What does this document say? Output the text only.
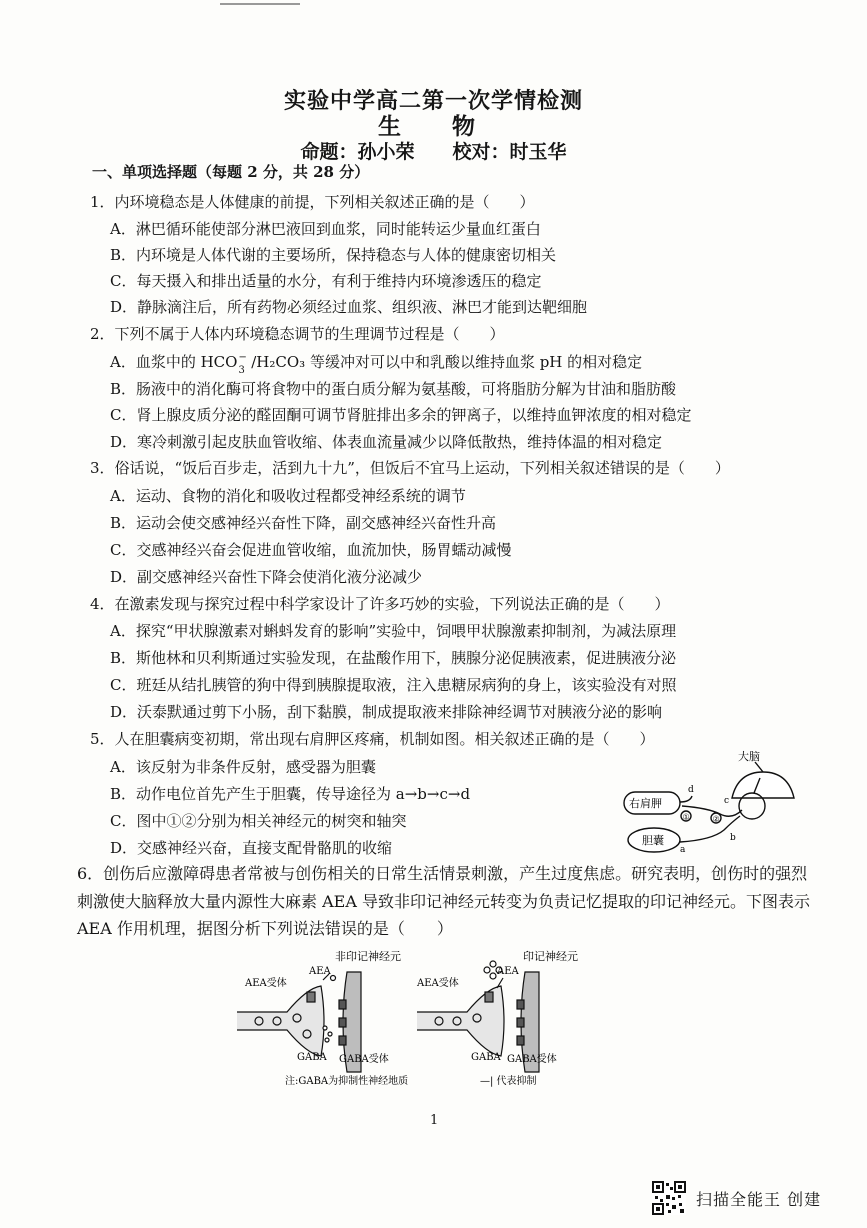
实验中学高二第一次学情检测
生　物
命题：孙小荣　　校对：时玉华
一、单项选择题（每题 2 分，共 28 分）
1．内环境稳态是人体健康的前提，下列相关叙述正确的是（　　）
A．淋巴循环能使部分淋巴液回到血浆，同时能转运少量血红蛋白
B．内环境是人体代谢的主要场所，保持稳态与人体的健康密切相关
C．每天摄入和排出适量的水分，有利于维持内环境渗透压的稳定
D．静脉滴注后，所有药物必须经过血浆、组织液、淋巴才能到达靶细胞
2．下列不属于人体内环境稳态调节的生理调节过程是（　　）
A．血浆中的 HCO −
3 /H₂CO₃ 等缓冲对可以中和乳酸以维持血浆 pH 的相对稳定
B．肠液中的消化酶可将食物中的蛋白质分解为氨基酸，可将脂肪分解为甘油和脂肪酸
C．肾上腺皮质分泌的醛固酮可调节肾脏排出多余的钾离子，以维持血钾浓度的相对稳定
D．寒冷刺激引起皮肤血管收缩、体表血流量减少以降低散热，维持体温的相对稳定
3．俗话说，“饭后百步走，活到九十九”，但饭后不宜马上运动，下列相关叙述错误的是（　　）
A．运动、食物的消化和吸收过程都受神经系统的调节
B．运动会使交感神经兴奋性下降，副交感神经兴奋性升高
C．交感神经兴奋会促进血管收缩，血流加快，肠胃蠕动减慢
D．副交感神经兴奋性下降会使消化液分泌减少
4．在激素发现与探究过程中科学家设计了许多巧妙的实验，下列说法正确的是（　　）
A．探究“甲状腺激素对蝌蚪发育的影响”实验中，饲喂甲状腺激素抑制剂，为减法原理
B．斯他林和贝利斯通过实验发现，在盐酸作用下，胰腺分泌促胰液素，促进胰液分泌
C．班廷从结扎胰管的狗中得到胰腺提取液，注入患糖尿病狗的身上，该实验没有对照
D．沃泰默通过剪下小肠，刮下黏膜，制成提取液来排除神经调节对胰液分泌的影响
5．人在胆囊病变初期，常出现右肩胛区疼痛，机制如图。相关叙述正确的是（　　）
A．该反射为非条件反射，感受器为胆囊
B．动作电位首先产生于胆囊，传导途径为 a→b→c→d
C．图中①②分别为相关神经元的树突和轴突
D．交感神经兴奋，直接支配骨骼肌的收缩
大脑
右肩胛
胆囊
d
c
b
a
①	②
6．创伤后应激障碍患者常被与创伤相关的日常生活情景刺激，产生过度焦虑。研究表明，创伤时的强烈
刺激使大脑释放大量内源性大麻素 AEA 导致非印记神经元转变为负责记忆提取的印记神经元。下图表示
AEA 作用机理，据图分析下列说法错误的是（　　）
非印记神经元
AEA
AEA受体
GABA GABA受体
印记神经元
AEA
AEA受体
GABA GABA受体
注:GABA为抑制性神经地质	—| 代表抑制
1
扫描全能王 创建
